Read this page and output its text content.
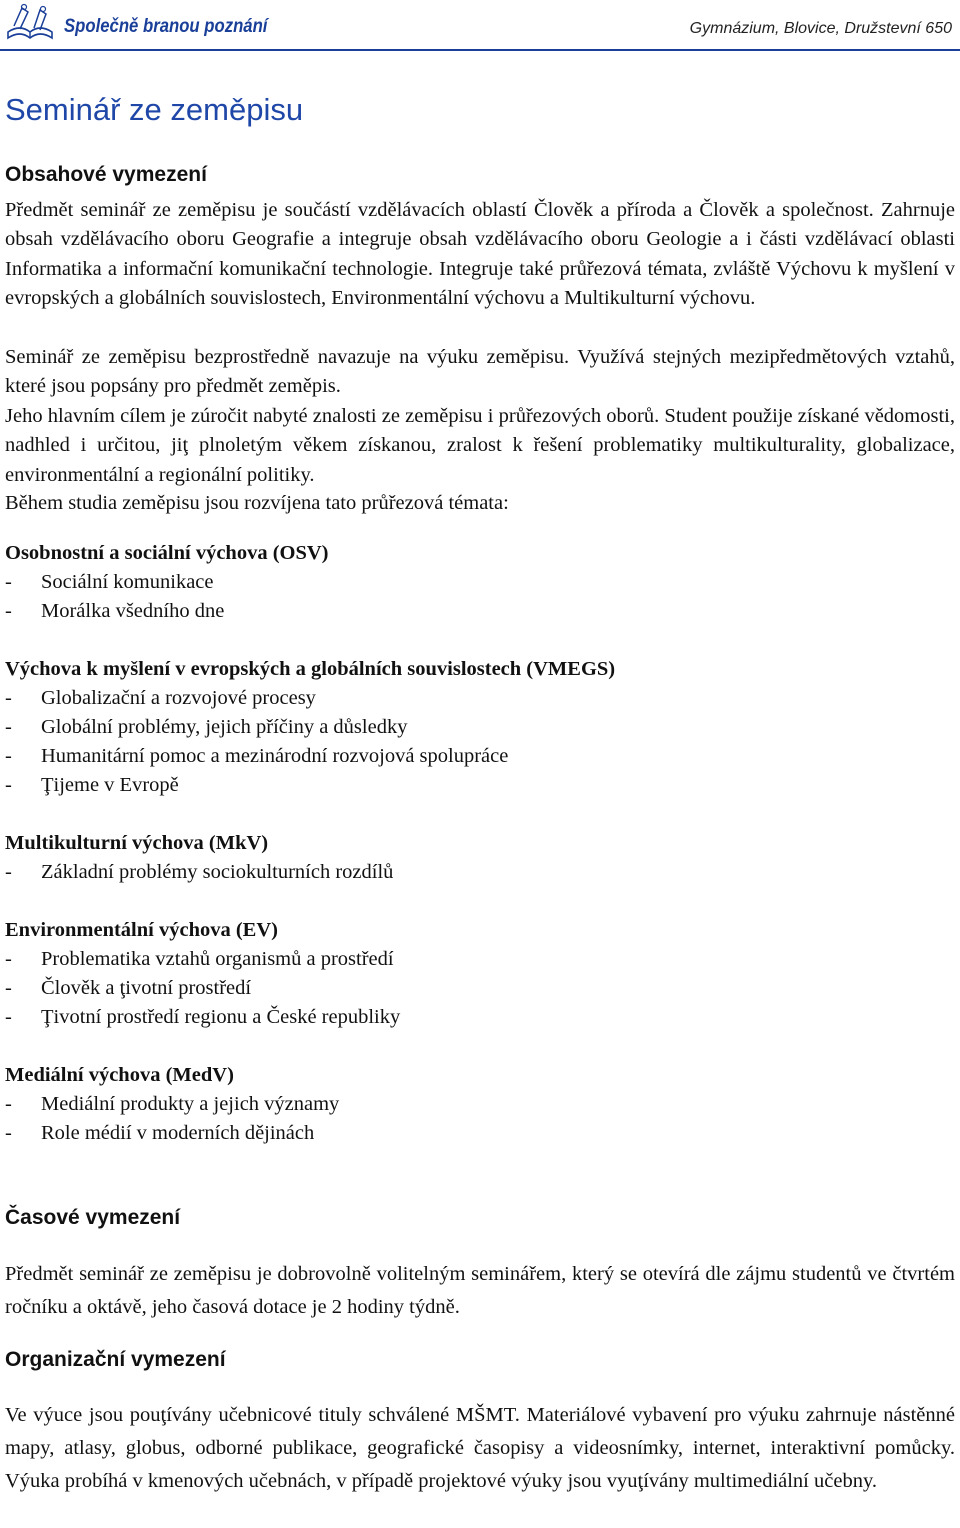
Společně branou poznání	Gymnázium, Blovice, Družstevní 650
Seminář ze zeměpisu
Obsahové vymezení

Předmět seminář ze zeměpisu je součástí vzdělávacích oblastí Člověk a příroda a Člověk a společnost. Zahrnuje obsah vzdělávacího oboru Geografie a integruje obsah vzdělávacího oboru Geologie a i části vzdělávací oblasti Informatika a informační komunikační technologie. Integruje také průřezová témata, zvláště Výchovu k myšlení v evropských a globálních souvislostech, Environmentální výchovu a Multikulturní výchovu.

Seminář ze zeměpisu bezprostředně navazuje na výuku zeměpisu. Využívá stejných mezipředmětových vztahů, které jsou popsány pro předmět zeměpis.

Jeho hlavním cílem je zúročit nabyté znalosti ze zeměpisu i průřezových oborů. Student použije získané vědomosti, nadhled i určitou, jiţ plnoletým věkem získanou, zralost k řešení problematiky multikulturality, globalizace, environmentální a regionální politiky.

Během studia zeměpisu jsou rozvíjena tato průřezová témata:

Osobnostní a sociální výchova (OSV)

- Sociální komunikace

- Morálka všedního dne

Výchova k myšlení v evropských a globálních souvislostech (VMEGS)

- Globalizační a rozvojové procesy

- Globální problémy, jejich příčiny a důsledky

- Humanitární pomoc a mezinárodní rozvojová spolupráce

- Ţijeme v Evropě

Multikulturní výchova (MkV)

- Základní problémy sociokulturních rozdílů

Environmentální výchova (EV)

- Problematika vztahů organismů a prostředí

- Člověk a ţivotní prostředí

- Ţivotní prostředí regionu a České republiky

Mediální výchova (MedV)

- Mediální produkty a jejich významy

- Role médií v moderních dějinách

Časové vymezení

Předmět seminář ze zeměpisu je dobrovolně volitelným seminářem, který se otevírá dle zájmu studentů ve čtvrtém ročníku a oktávě, jeho časová dotace je 2 hodiny týdně.

Organizační vymezení

Ve výuce jsou pouţívány učebnicové tituly schválené MŠMT. Materiálové vybavení pro výuku zahrnuje nástěnné mapy, atlasy, globus, odborné publikace, geografické časopisy a videosnímky, internet, interaktivní pomůcky. Výuka probíhá v kmenových učebnách, v případě projektové výuky jsou vyuţívány multimediální učebny.
